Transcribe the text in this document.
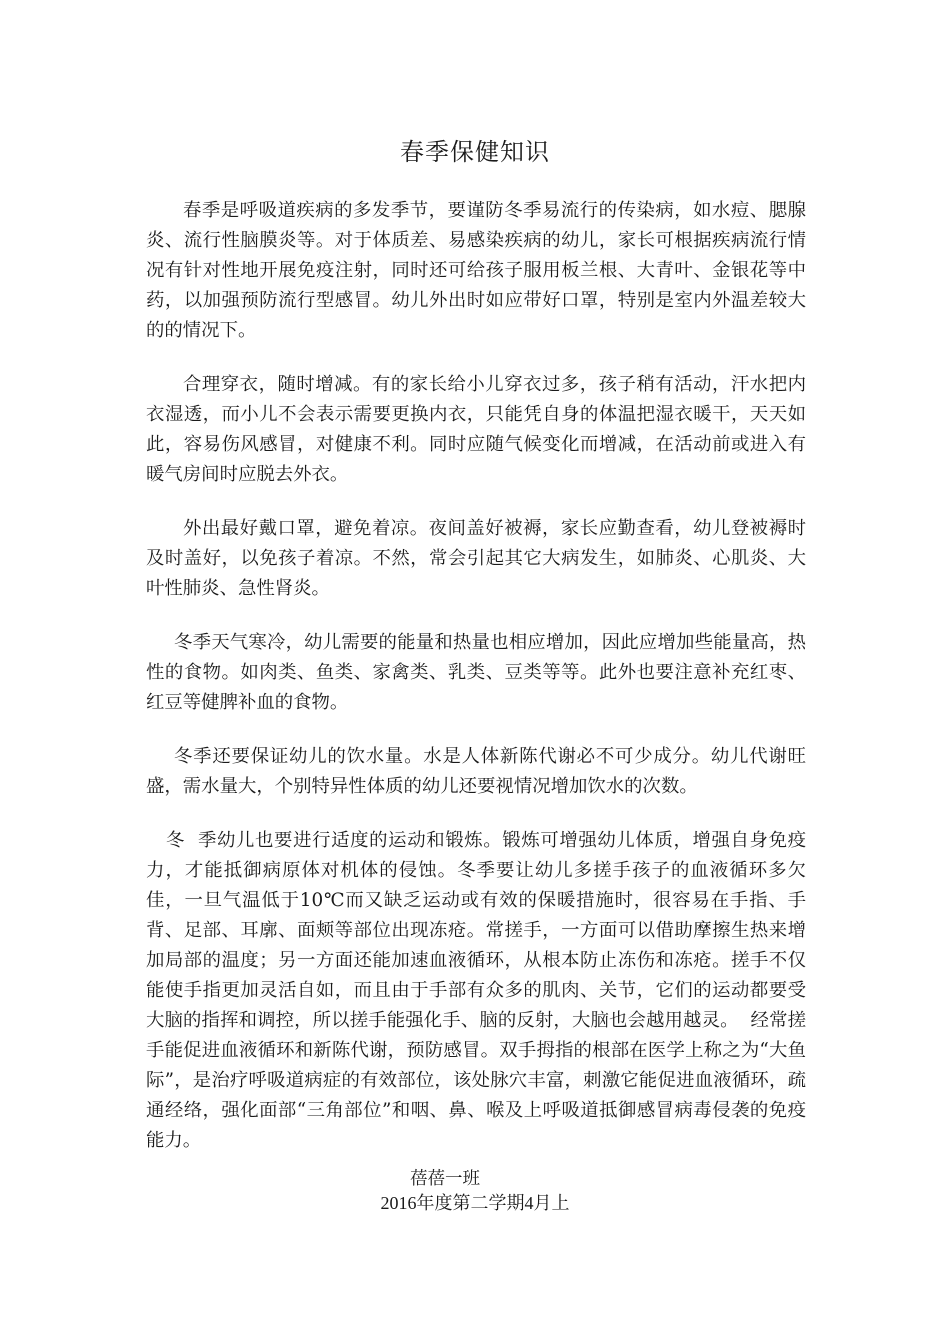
春季保健知识

春季是呼吸道疾病的多发季节，要谨防冬季易流行的传染病，如水痘、腮腺炎、流行性脑膜炎等。对于体质差、易感染疾病的幼儿，家长可根据疾病流行情况有针对性地开展免疫注射，同时还可给孩子服用板兰根、大青叶、金银花等中药，以加强预防流行型感冒。幼儿外出时如应带好口罩，特别是室内外温差较大的的情况下。

合理穿衣，随时增减。有的家长给小儿穿衣过多，孩子稍有活动，汗水把内衣湿透，而小儿不会表示需要更换内衣，只能凭自身的体温把湿衣暖干，天天如此，容易伤风感冒，对健康不利。同时应随气候变化而增减，在活动前或进入有暖气房间时应脱去外衣。

外出最好戴口罩，避免着凉。夜间盖好被褥，家长应勤查看，幼儿登被褥时及时盖好，以免孩子着凉。不然，常会引起其它大病发生，如肺炎、心肌炎、大叶性肺炎、急性肾炎。

冬季天气寒冷，幼儿需要的能量和热量也相应增加，因此应增加些能量高，热性的食物。如肉类、鱼类、家禽类、乳类、豆类等等。此外也要注意补充红枣、红豆等健脾补血的食物。

冬季还要保证幼儿的饮水量。水是人体新陈代谢必不可少成分。幼儿代谢旺盛，需水量大，个别特异性体质的幼儿还要视情况增加饮水的次数。

冬  季幼儿也要进行适度的运动和锻炼。锻炼可增强幼儿体质，增强自身免疫力，才能抵御病原体对机体的侵蚀。冬季要让幼儿多搓手孩子的血液循环多欠佳，一旦气温低于10℃而又缺乏运动或有效的保暖措施时，很容易在手指、手背、足部、耳廓、面颊等部位出现冻疮。常搓手，一方面可以借助摩擦生热来增加局部的温度；另一方面还能加速血液循环，从根本防止冻伤和冻疮。搓手不仅能使手指更加灵活自如，而且由于手部有众多的肌肉、关节，它们的运动都要受大脑的指挥和调控，所以搓手能强化手、脑的反射，大脑也会越用越灵。  经常搓手能促进血液循环和新陈代谢，预防感冒。双手拇指的根部在医学上称之为“大鱼际”，是治疗呼吸道病症的有效部位，该处脉穴丰富，刺激它能促进血液循环，疏通经络，强化面部“三角部位”和咽、鼻、喉及上呼吸道抵御感冒病毒侵袭的免疫能力。

蓓蓓一班
2016年度第二学期4月上
